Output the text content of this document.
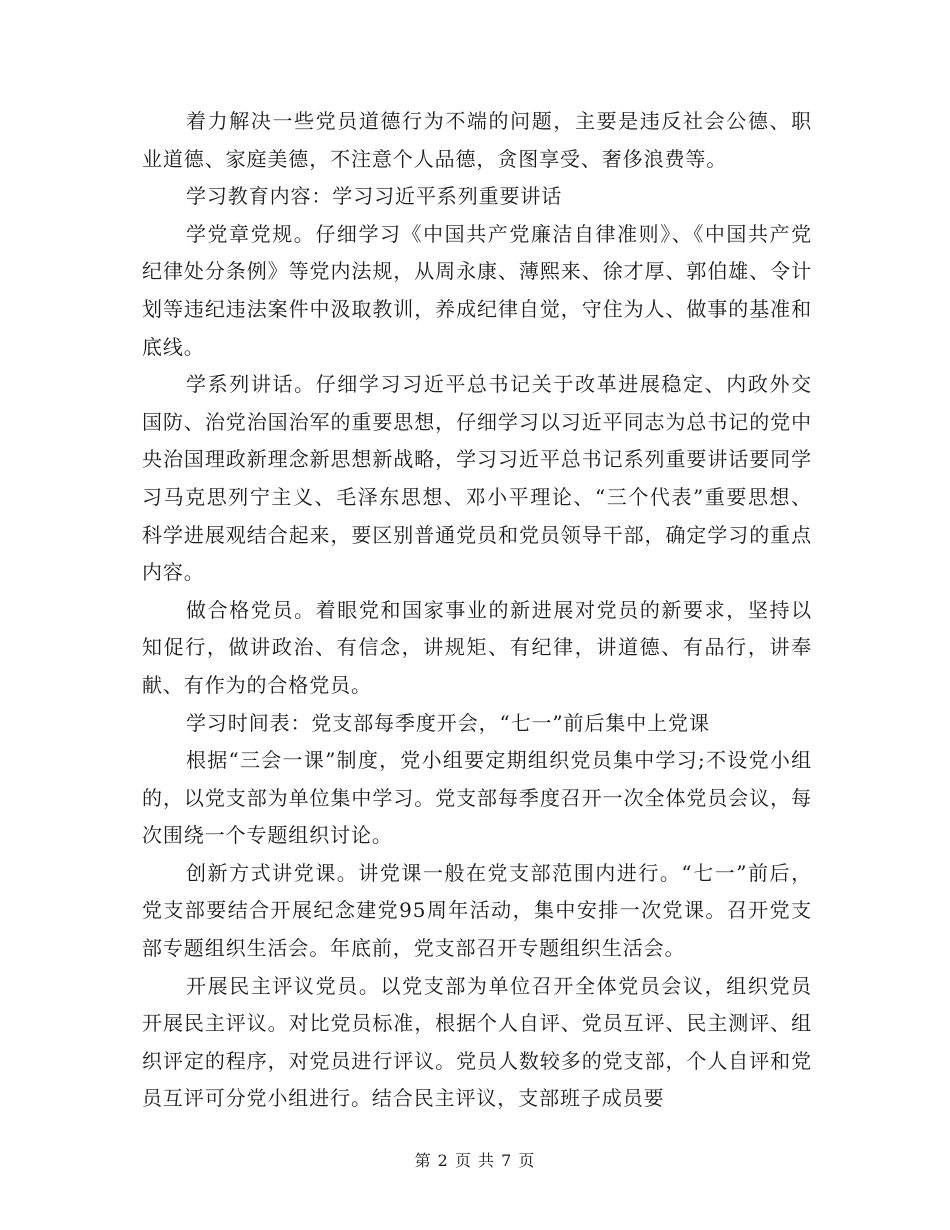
着力解决一些党员道德行为不端的问题，主要是违反社会公德、职业道德、家庭美德，不注意个人品德，贪图享受、奢侈浪费等。

学习教育内容：学习习近平系列重要讲话

学党章党规。仔细学习《中国共产党廉洁自律准则》、《中国共产党纪律处分条例》等党内法规，从周永康、薄熙来、徐才厚、郭伯雄、令计划等违纪违法案件中汲取教训，养成纪律自觉，守住为人、做事的基准和底线。

学系列讲话。仔细学习习近平总书记关于改革进展稳定、内政外交国防、治党治国治军的重要思想，仔细学习以习近平同志为总书记的党中央治国理政新理念新思想新战略，学习习近平总书记系列重要讲话要同学习马克思列宁主义、毛泽东思想、邓小平理论、“三个代表”重要思想、科学进展观结合起来，要区别普通党员和党员领导干部，确定学习的重点内容。

做合格党员。着眼党和国家事业的新进展对党员的新要求，坚持以知促行，做讲政治、有信念，讲规矩、有纪律，讲道德、有品行，讲奉献、有作为的合格党员。

学习时间表：党支部每季度开会，“七一”前后集中上党课

根据“三会一课”制度，党小组要定期组织党员集中学习;不设党小组的，以党支部为单位集中学习。党支部每季度召开一次全体党员会议，每次围绕一个专题组织讨论。

创新方式讲党课。讲党课一般在党支部范围内进行。“七一”前后，党支部要结合开展纪念建党95周年活动，集中安排一次党课。召开党支部专题组织生活会。年底前，党支部召开专题组织生活会。

开展民主评议党员。以党支部为单位召开全体党员会议，组织党员开展民主评议。对比党员标准，根据个人自评、党员互评、民主测评、组织评定的程序，对党员进行评议。党员人数较多的党支部，个人自评和党员互评可分党小组进行。结合民主评议，支部班子成员要

第 2 页 共 7 页
